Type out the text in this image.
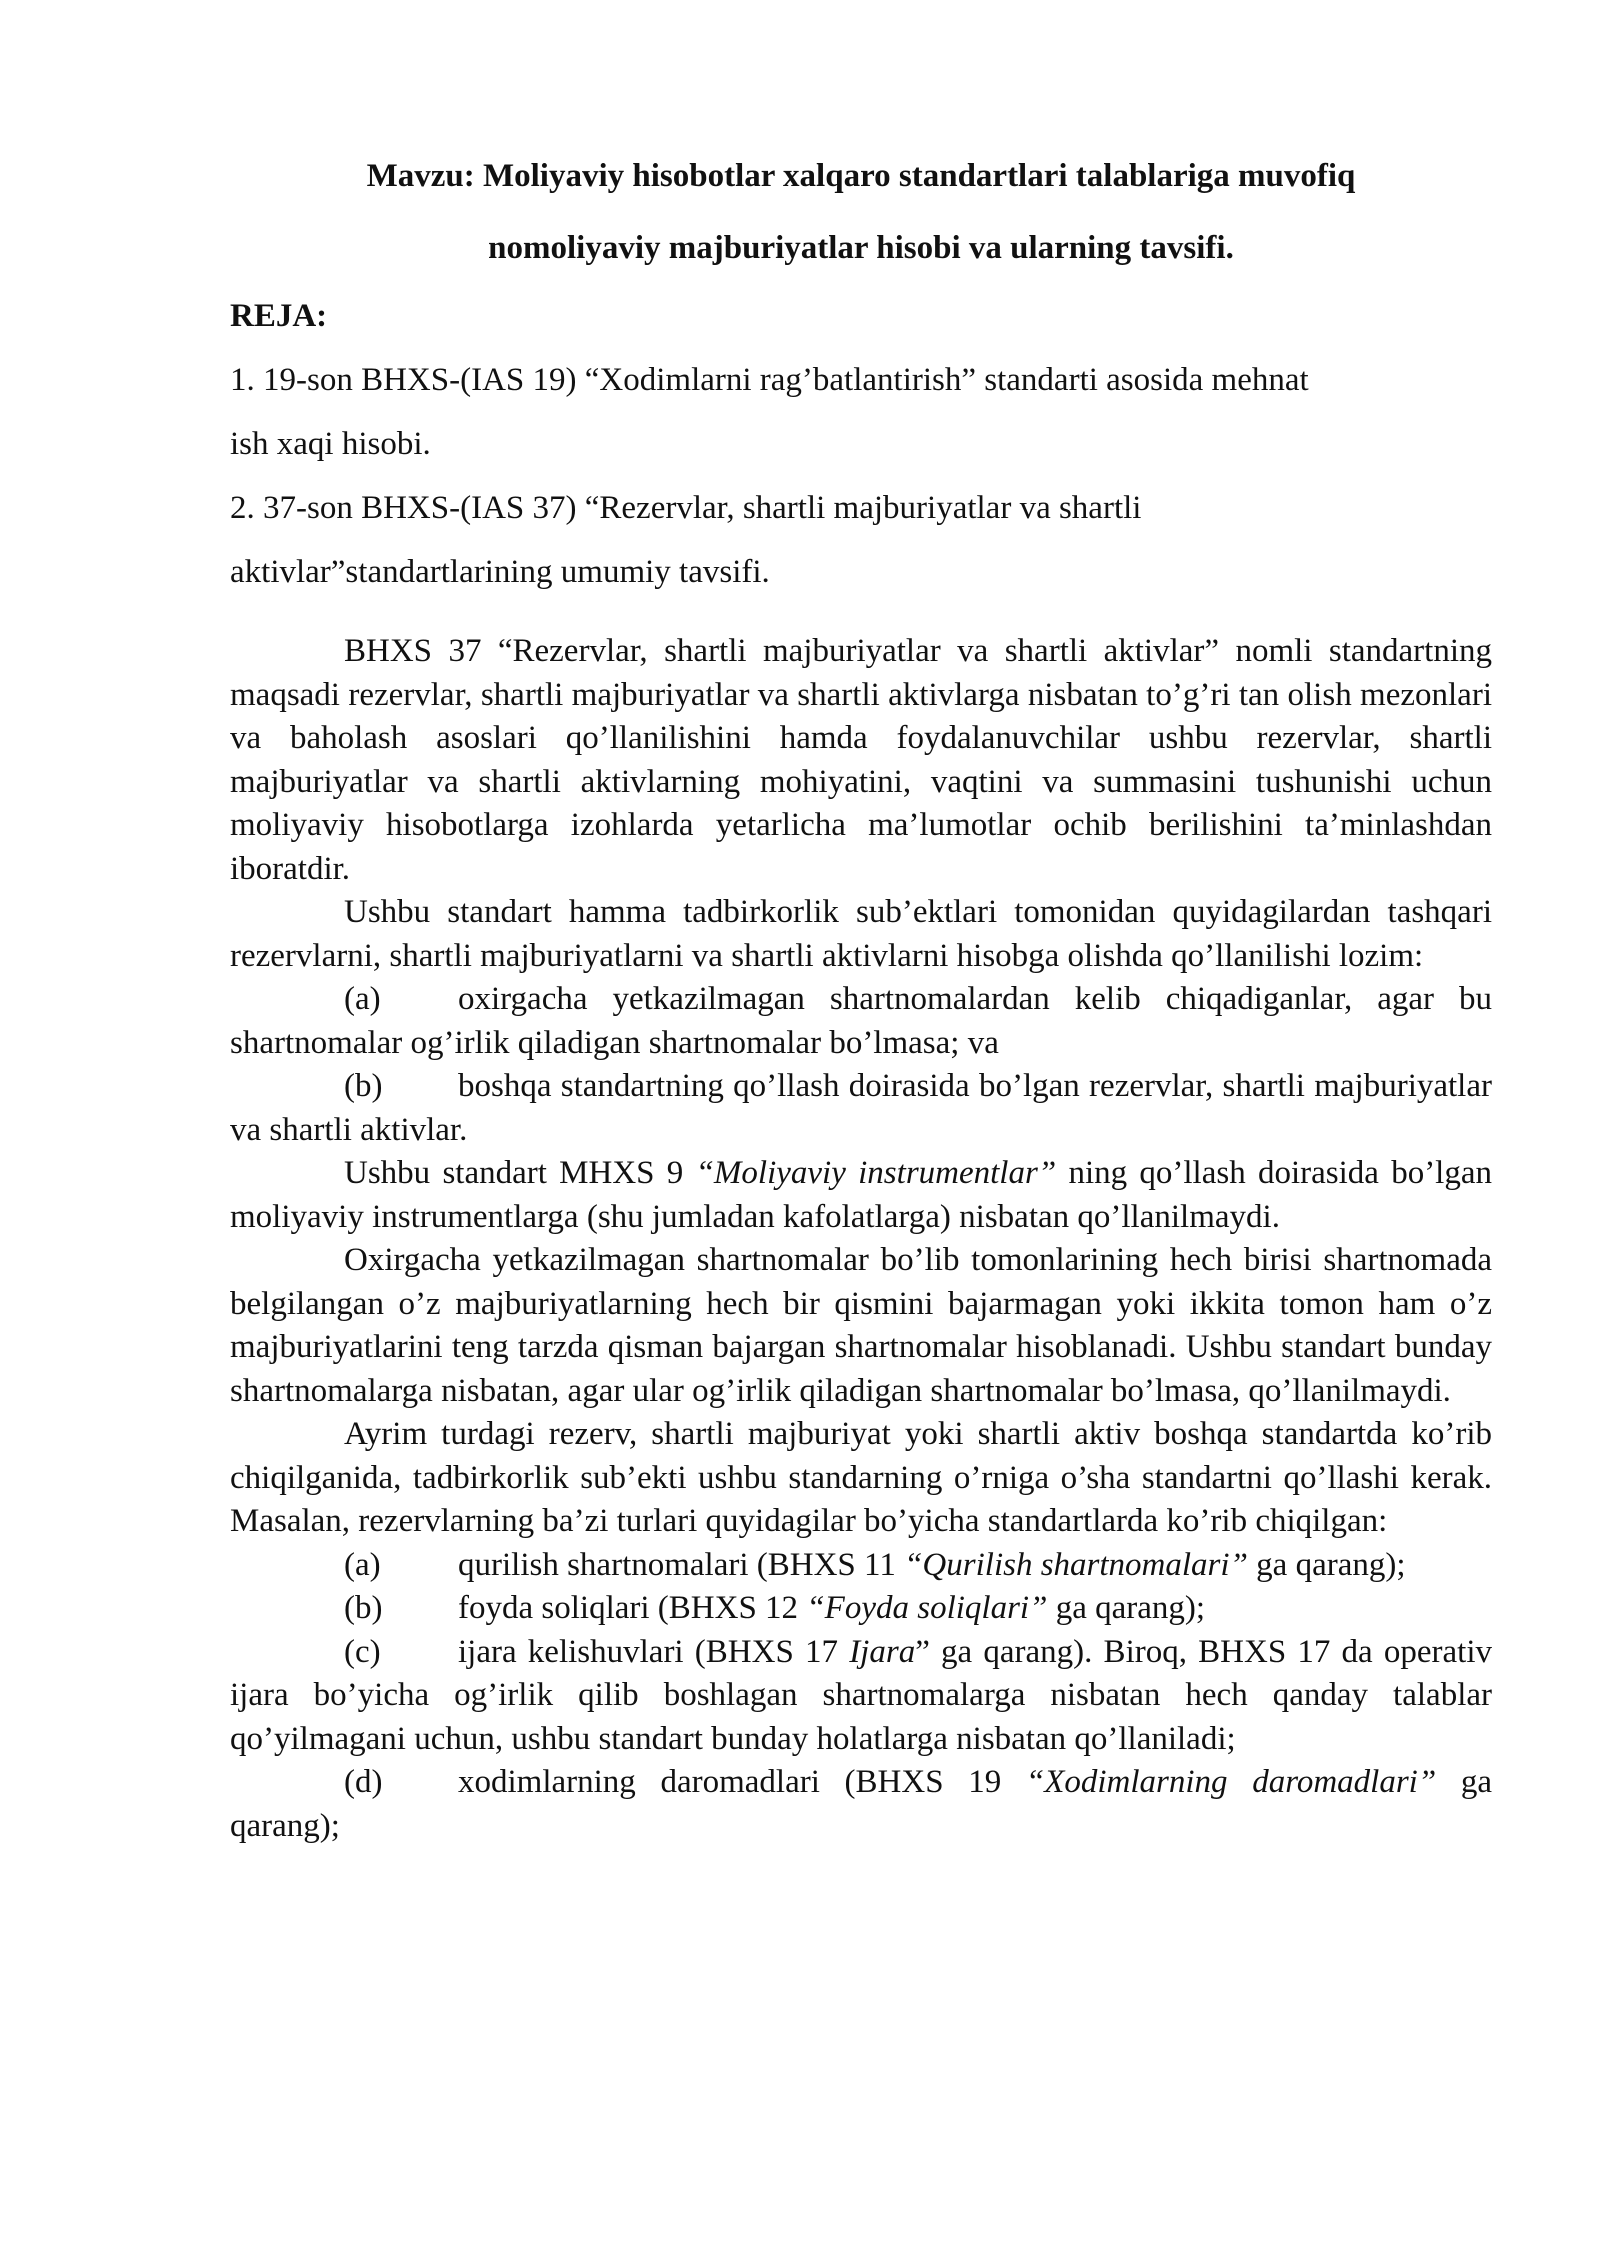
Mavzu: Moliyaviy hisobotlar xalqaro standartlari talablariga muvofiq

nomoliyaviy majburiyatlar hisobi va ularning tavsifi.

REJA:

1. 19-son BHXS-(IAS 19) “Xodimlarni rag’batlantirish” standarti asosida mehnat

ish xaqi hisobi.

2. 37-son BHXS-(IAS 37) “Rezervlar, shartli majburiyatlar va shartli

aktivlar”standartlarining umumiy tavsifi.

BHXS 37 “Rezervlar, shartli majburiyatlar va shartli aktivlar” nomli standartning maqsadi rezervlar, shartli majburiyatlar va shartli aktivlarga nisbatan to’g’ri tan olish mezonlari va baholash asoslari qo’llanilishini hamda foydalanuvchilar ushbu rezervlar, shartli majburiyatlar va shartli aktivlarning mohiyatini, vaqtini va summasini tushunishi uchun moliyaviy hisobotlarga izohlarda yetarlicha ma’lumotlar ochib berilishini ta’minlashdan iboratdir.

Ushbu standart hamma tadbirkorlik sub’ektlari tomonidan quyidagilardan tashqari rezervlarni, shartli majburiyatlarni va shartli aktivlarni hisobga olishda qo’llanilishi lozim:

(a) oxirgacha yetkazilmagan shartnomalardan kelib chiqadiganlar, agar bu shartnomalar og’irlik qiladigan shartnomalar bo’lmasa; va

(b) boshqa standartning qo’llash doirasida bo’lgan rezervlar, shartli majburiyatlar va shartli aktivlar.

Ushbu standart MHXS 9 “Moliyaviy instrumentlar” ning qo’llash doirasida bo’lgan moliyaviy instrumentlarga (shu jumladan kafolatlarga) nisbatan qo’llanilmaydi.

Oxirgacha yetkazilmagan shartnomalar bo’lib tomonlarining hech birisi shartnomada belgilangan o’z majburiyatlarning hech bir qismini bajarmagan yoki ikkita tomon ham o’z majburiyatlarini teng tarzda qisman bajargan shartnomalar hisoblanadi. Ushbu standart bunday shartnomalarga nisbatan, agar ular og’irlik qiladigan shartnomalar bo’lmasa, qo’llanilmaydi.

Ayrim turdagi rezerv, shartli majburiyat yoki shartli aktiv boshqa standartda ko’rib chiqilganida, tadbirkorlik sub’ekti ushbu standarning o’rniga o’sha standartni qo’llashi kerak. Masalan, rezervlarning ba’zi turlari quyidagilar bo’yicha standartlarda ko’rib chiqilgan:

(a) qurilish shartnomalari (BHXS 11 “Qurilish shartnomalari” ga qarang);

(b) foyda soliqlari (BHXS 12 “Foyda soliqlari” ga qarang);

(c) ijara kelishuvlari (BHXS 17 Ijara” ga qarang). Biroq, BHXS 17 da operativ ijara bo’yicha og’irlik qilib boshlagan shartnomalarga nisbatan hech qanday talablar qo’yilmagani uchun, ushbu standart bunday holatlarga nisbatan qo’llaniladi;

(d) xodimlarning daromadlari (BHXS 19 “Xodimlarning daromadlari” ga qarang);
